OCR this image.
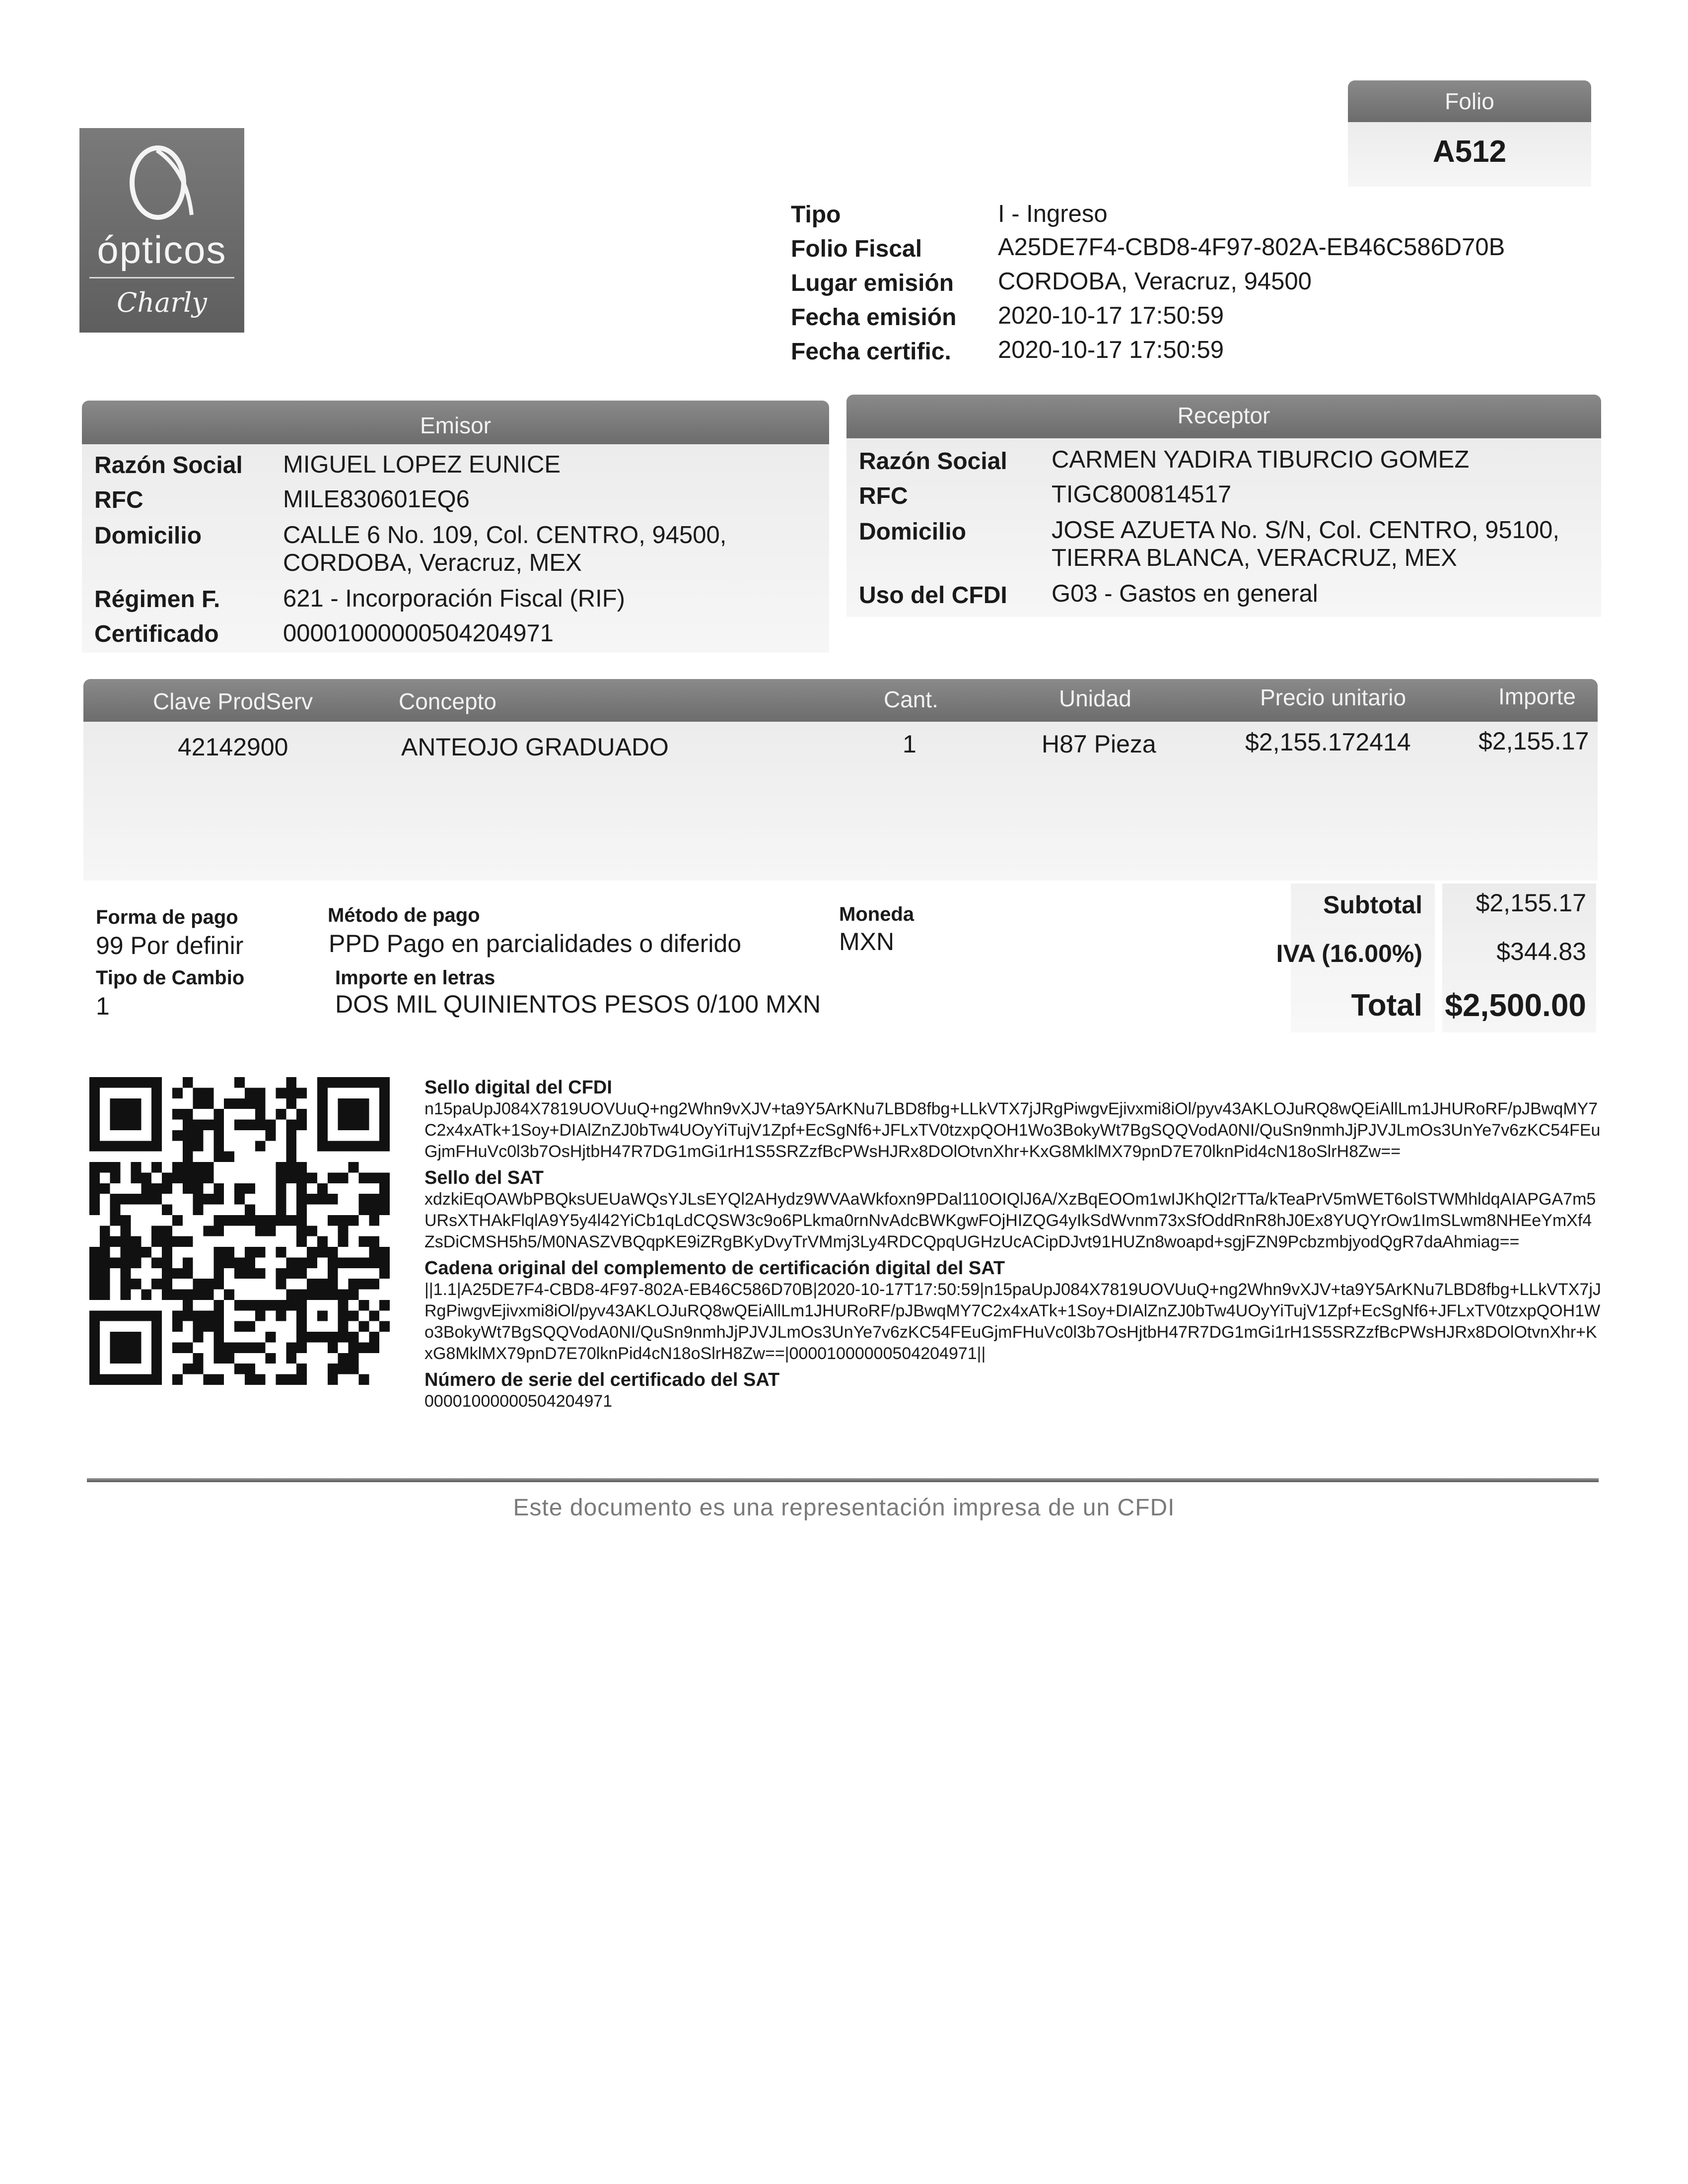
ópticos
Charly
Folio
A512
Tipo	I - Ingreso
Folio Fiscal	A25DE7F4-CBD8-4F97-802A-EB46C586D70B
Lugar emisión CORDOBA, Veracruz, 94500
Fecha emisión 2020-10-17 17:50:59
Fecha certific. 2020-10-17 17:50:59
Emisor
Razón Social MIGUEL LOPEZ EUNICE
RFC	MILE830601EQ6
Domicilio	CALLE 6 No. 109, Col. CENTRO, 94500,
CORDOBA, Veracruz, MEX
Régimen F.	621 - Incorporación Fiscal (RIF)
Certificado	00001000000504204971
Receptor
Razón Social CARMEN YADIRA TIBURCIO GOMEZ
RFC	TIGC800814517
Domicilio	JOSE AZUETA No. S/N, Col. CENTRO, 95100,
TIERRA BLANCA, VERACRUZ, MEX
Uso del CFDI G03 - Gastos en general
Clave ProdServ	Concepto	Cant.	Unidad	Precio unitario	Importe
42142900	ANTEOJO GRADUADO	1	H87 Pieza	$2,155.172414	$2,155.17
Forma de pago
99 Por definir
Método de pago
PPD Pago en parcialidades o diferido
Moneda
MXN
Tipo de Cambio
1
Importe en letras
DOS MIL QUINIENTOS PESOS 0/100 MXN
Subtotal	$2,155.17
IVA (16.00%)	$344.83
Total $2,500.00
Sello digital del CFDI
n15paUpJ084X7819UOVUuQ+ng2Whn9vXJV+ta9Y5ArKNu7LBD8fbg+LLkVTX7jJRgPiwgvEjivxmi8iOl/pyv43AKLOJuRQ8wQEiAllLm1JHURoRF/pJBwqMY7C2x4xATk+1Soy+DIAlZnZJ0bTw4UOyYiTujV1Zpf+EcSgNf6+JFLxTV0tzxpQOH1Wo3BokyWt7BgSQQVodA0NI/QuSn9nmhJjPJVJLmOs3UnYe7v6zKC54FEuGjmFHuVc0l3b7OsHjtbH47R7DG1mGi1rH1S5SRZzfBcPWsHJRx8DOlOtvnXhr+KxG8MklMX79pnD7E70lknPid4cN18oSlrH8Zw==
Sello del SAT
xdzkiEqOAWbPBQksUEUaWQsYJLsEYQl2AHydz9WVAaWkfoxn9PDal110OIQlJ6A/XzBqEOOm1wIJKhQl2rTTa/kTeaPrV5mWET6olSTWMhldqAIAPGA7m5URsXTHAkFlqlA9Y5y4l42YiCb1qLdCQSW3c9o6PLkma0rnNvAdcBWKgwFOjHIZQG4yIkSdWvnm73xSfOddRnR8hJ0Ex8YUQYrOw1ImSLwm8NHEeYmXf4ZsDiCMSH5h5/M0NASZVBQqpKE9iZRgBKyDvyTrVMmj3Ly4RDCQpqUGHzUcACipDJvt91HUZn8woapd+sgjFZN9PcbzmbjyodQgR7daAhmiag==
Cadena original del complemento de certificación digital del SAT
||1.1|A25DE7F4-CBD8-4F97-802A-EB46C586D70B|2020-10-17T17:50:59|n15paUpJ084X7819UOVUuQ+ng2Whn9vXJV+ta9Y5ArKNu7LBD8fbg+LLkVTX7jJRgPiwgvEjivxmi8iOl/pyv43AKLOJuRQ8wQEiAllLm1JHURoRF/pJBwqMY7C2x4xATk+1Soy+DIAlZnZJ0bTw4UOyYiTujV1Zpf+EcSgNf6+JFLxTV0tzxpQOH1Wo3BokyWt7BgSQQVodA0NI/QuSn9nmhJjPJVJLmOs3UnYe7v6zKC54FEuGjmFHuVc0l3b7OsHjtbH47R7DG1mGi1rH1S5SRZzfBcPWsHJRx8DOlOtvnXhr+KxG8MklMX79pnD7E70lknPid4cN18oSlrH8Zw==|00001000000504204971||
Número de serie del certificado del SAT
00001000000504204971
Este documento es una representación impresa de un CFDI
